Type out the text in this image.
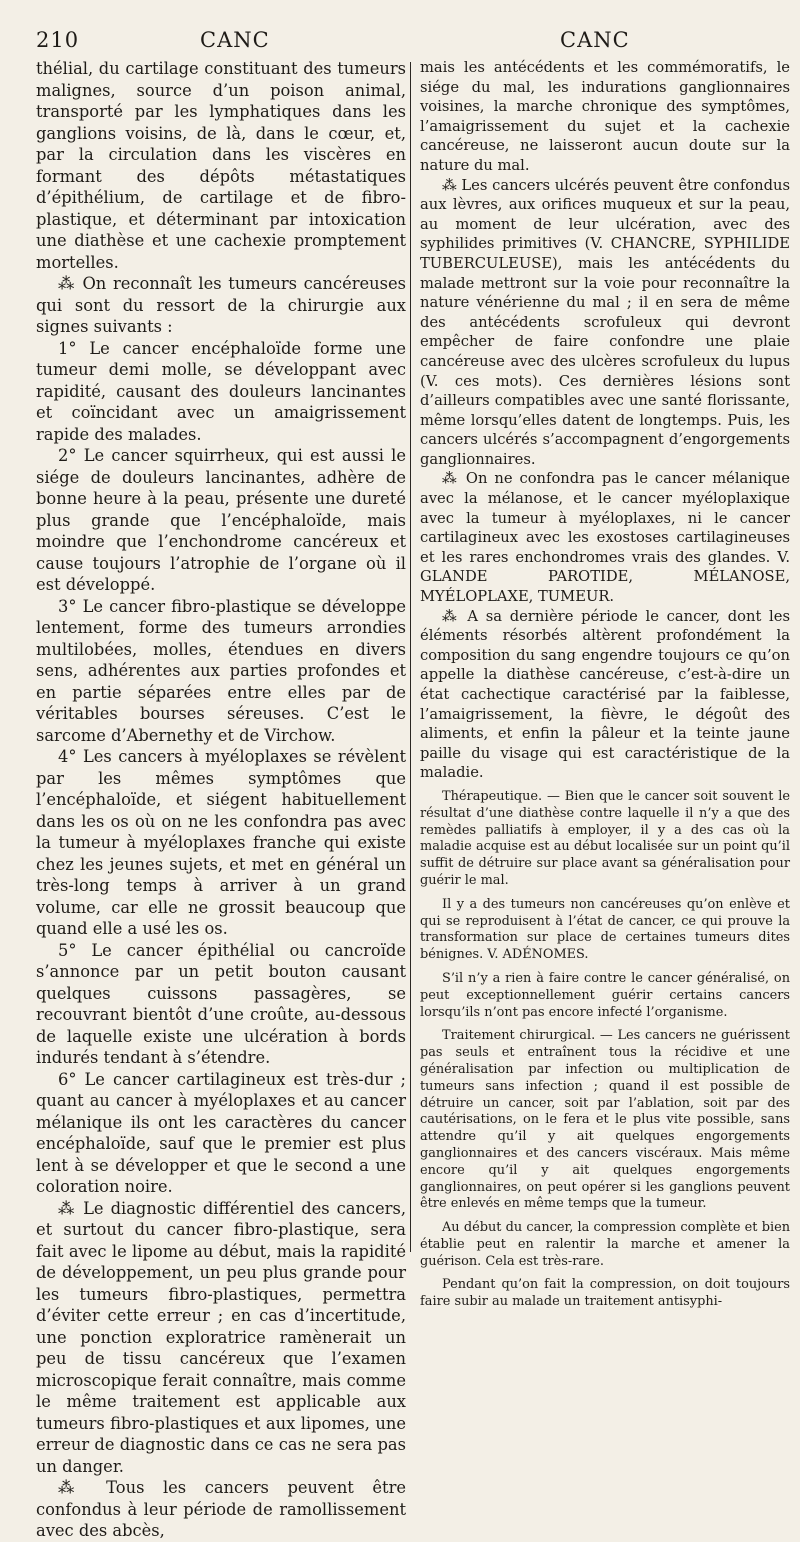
210	CANC	CANC

thélial, du cartilage constituant des tumeurs malignes, source d’un poison animal, transporté par les lymphatiques dans les ganglions voisins, de là, dans le cœur, et, par la circulation dans les viscères en formant des dépôts métastatiques d’épithélium, de cartilage et de fibro-plastique, et déterminant par intoxication une diathèse et une cachexie promptement mortelles.

⁂ On reconnaît les tumeurs cancéreuses qui sont du ressort de la chirurgie aux signes suivants :

1° Le cancer encéphaloïde forme une tumeur demi molle, se développant avec rapidité, causant des douleurs lancinantes et coïncidant avec un amaigrissement rapide des malades.

2° Le cancer squirrheux, qui est aussi le siége de douleurs lancinantes, adhère de bonne heure à la peau, présente une dureté plus grande que l’encéphaloïde, mais moindre que l’enchondrome cancéreux et cause toujours l’atrophie de l’organe où il est développé.

3° Le cancer fibro-plastique se développe lentement, forme des tumeurs arrondies multilobées, molles, étendues en divers sens, adhérentes aux parties profondes et en partie séparées entre elles par de véritables bourses séreuses. C’est le sarcome d’Abernethy et de Virchow.

4° Les cancers à myéloplaxes se révèlent par les mêmes symptômes que l’encéphaloïde, et siégent habituellement dans les os où on ne les confondra pas avec la tumeur à myéloplaxes franche qui existe chez les jeunes sujets, et met en général un très-long temps à arriver à un grand volume, car elle ne grossit beaucoup que quand elle a usé les os.

5° Le cancer épithélial ou cancroïde s’annonce par un petit bouton causant quelques cuissons passagères, se recouvrant bientôt d’une croûte, au-dessous de laquelle existe une ulcération à bords indurés tendant à s’étendre.

6° Le cancer cartilagineux est très-dur ; quant au cancer à myéloplaxes et au cancer mélanique ils ont les caractères du cancer encéphaloïde, sauf que le premier est plus lent à se développer et que le second a une coloration noire.

⁂ Le diagnostic différentiel des cancers, et surtout du cancer fibro-plastique, sera fait avec le lipome au début, mais la rapidité de développement, un peu plus grande pour les tumeurs fibro-plastiques, permettra d’éviter cette erreur ; en cas d’incertitude, une ponction exploratrice ramènerait un peu de tissu cancéreux que l’examen microscopique ferait connaître, mais comme le même traitement est applicable aux tumeurs fibro-plastiques et aux lipomes, une erreur de diagnostic dans ce cas ne sera pas un danger.

⁂ Tous les cancers peuvent être confondus à leur période de ramollissement avec des abcès,

mais les antécédents et les commémoratifs, le siége du mal, les indurations ganglionnaires voisines, la marche chronique des symptômes, l’amaigrissement du sujet et la cachexie cancéreuse, ne laisseront aucun doute sur la nature du mal.

⁂ Les cancers ulcérés peuvent être confondus aux lèvres, aux orifices muqueux et sur la peau, au moment de leur ulcération, avec des syphilides primitives (V. CHANCRE, SYPHILIDE TUBERCULEUSE), mais les antécédents du malade mettront sur la voie pour reconnaître la nature vénérienne du mal ; il en sera de même des antécédents scrofuleux qui devront empêcher de faire confondre une plaie cancéreuse avec des ulcères scrofuleux du lupus (V. ces mots). Ces dernières lésions sont d’ailleurs compatibles avec une santé florissante, même lorsqu’elles datent de longtemps. Puis, les cancers ulcérés s’accompagnent d’engorgements ganglionnaires.

⁂ On ne confondra pas le cancer mélanique avec la mélanose, et le cancer myéloplaxique avec la tumeur à myéloplaxes, ni le cancer cartilagineux avec les exostoses cartilagineuses et les rares enchondromes vrais des glandes. V. GLANDE PAROTIDE, MÉLANOSE, MYÉLOPLAXE, TUMEUR.

⁂ A sa dernière période le cancer, dont les éléments résorbés altèrent profondément la composition du sang engendre toujours ce qu’on appelle la diathèse cancéreuse, c’est-à-dire un état cachectique caractérisé par la faiblesse, l’amaigrissement, la fièvre, le dégoût des aliments, et enfin la pâleur et la teinte jaune paille du visage qui est caractéristique de la maladie.

Thérapeutique. — Bien que le cancer soit souvent le résultat d’une diathèse contre laquelle il n’y a que des remèdes palliatifs à employer, il y a des cas où la maladie acquise est au début localisée sur un point qu’il suffit de détruire sur place avant sa généralisation pour guérir le mal.

Il y a des tumeurs non cancéreuses qu’on enlève et qui se reproduisent à l’état de cancer, ce qui prouve la transformation sur place de certaines tumeurs dites bénignes. V. ADÉNOMES.

S’il n’y a rien à faire contre le cancer généralisé, on peut exceptionnellement guérir certains cancers lorsqu’ils n’ont pas encore infecté l’organisme.

Traitement chirurgical. — Les cancers ne guérissent pas seuls et entraînent tous la récidive et une généralisation par infection ou multiplication de tumeurs sans infection ; quand il est possible de détruire un cancer, soit par l’ablation, soit par des cautérisations, on le fera et le plus vite possible, sans attendre qu’il y ait quelques engorgements ganglionnaires et des cancers viscéraux. Mais même encore qu’il y ait quelques engorgements ganglionnaires, on peut opérer si les ganglions peuvent être enlevés en même temps que la tumeur.

Au début du cancer, la compression complète et bien établie peut en ralentir la marche et amener la guérison. Cela est très-rare.

Pendant qu’on fait la compression, on doit toujours faire subir au malade un traitement antisyphi-
